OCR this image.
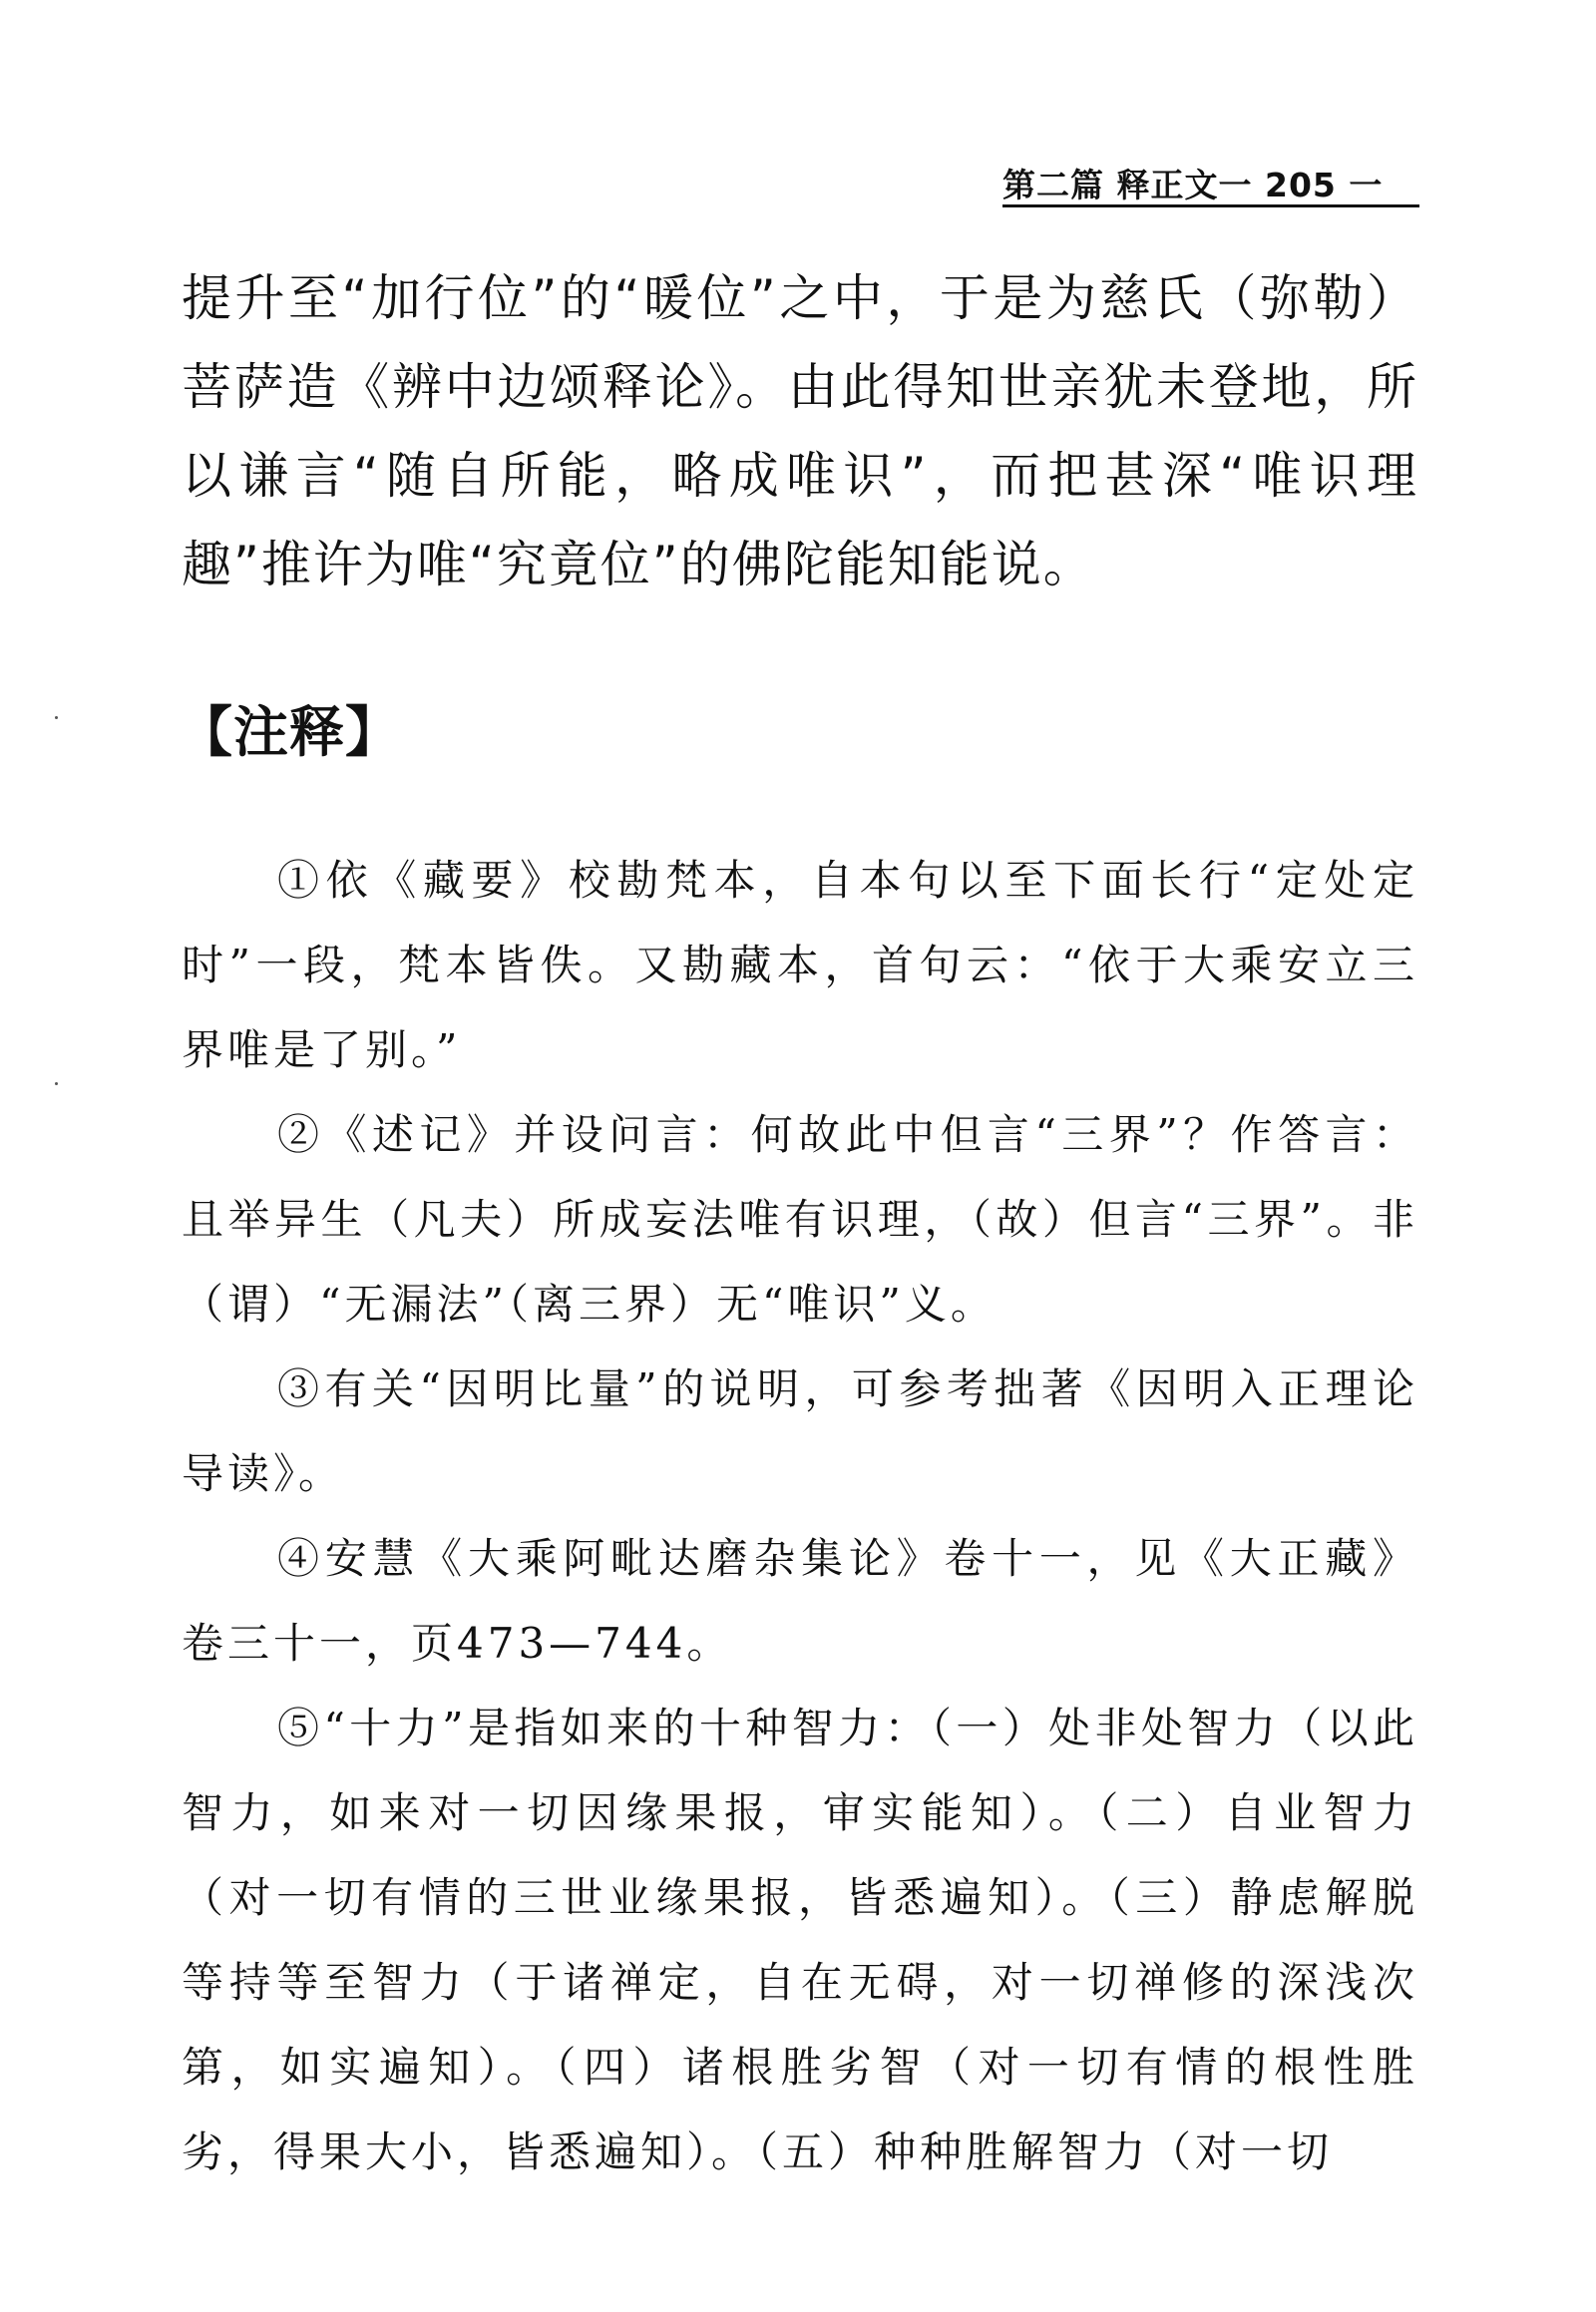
第二篇 释正文一 205 一

提升至“加行位”的“暖位”之中，于是为慈氏（弥勒）菩萨造《辨中边颂释论》。由此得知世亲犹未登地，所以谦言“随自所能，略成唯识”，而把甚深“唯识理趣”推许为唯“究竟位”的佛陀能知能说。

【注释】

①依《藏要》校勘梵本，自本句以至下面长行“定处定时”一段，梵本皆佚。又勘藏本，首句云：“依于大乘安立三界唯是了别。”

②《述记》并设问言：何故此中但言“三界”？作答言：且举异生（凡夫）所成妄法唯有识理，（故）但言“三界”。非（谓）“无漏法”（离三界）无“唯识”义。

③有关“因明比量”的说明，可参考拙著《因明入正理论导读》。

④安慧《大乘阿毗达磨杂集论》卷十一，见《大正藏》卷三十一，页473—744。

⑤“十力”是指如来的十种智力：（一）处非处智力（以此智力，如来对一切因缘果报，审实能知）。（二）自业智力（对一切有情的三世业缘果报，皆悉遍知）。（三）静虑解脱等持等至智力（于诸禅定，自在无碍，对一切禅修的深浅次第，如实遍知）。（四）诸根胜劣智（对一切有情的根性胜劣，得果大小，皆悉遍知）。（五）种种胜解智力（对一切
